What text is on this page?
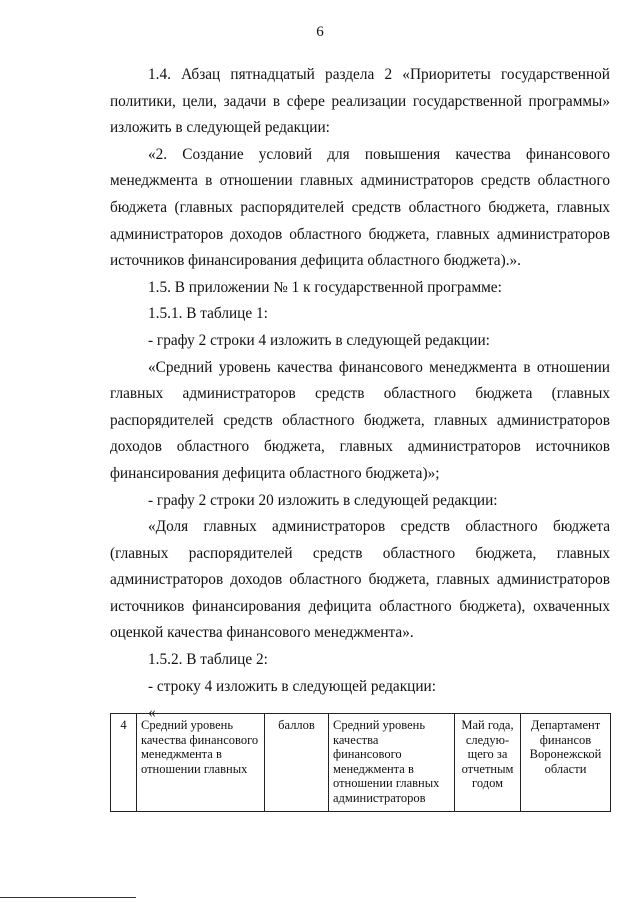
6

1.4. Абзац пятнадцатый раздела 2 «Приоритеты государственной политики, цели, задачи в сфере реализации государственной программы» изложить в следующей редакции:

«2. Создание условий для повышения качества финансового менеджмента в отношении главных администраторов средств областного бюджета (главных распорядителей средств областного бюджета, главных администраторов доходов областного бюджета, главных администраторов источников финансирования дефицита областного бюджета).».

1.5. В приложении № 1 к государственной программе:

1.5.1. В таблице 1:

- графу 2 строки 4 изложить в следующей редакции:

«Средний уровень качества финансового менеджмента в отношении главных администраторов средств областного бюджета (главных распорядителей средств областного бюджета, главных администраторов доходов областного бюджета, главных администраторов источников финансирования дефицита областного бюджета)»;

- графу 2 строки 20 изложить в следующей редакции:

«Доля главных администраторов средств областного бюджета (главных распорядителей средств областного бюджета, главных администраторов доходов областного бюджета, главных администраторов источников финансирования дефицита областного бюджета), охваченных оценкой качества финансового менеджмента».

1.5.2. В таблице 2:

- строку 4 изложить в следующей редакции:

«

4	Средний уровень качества финансового менеджмента в отношении главных	баллов	Средний уровень качества финансового менеджмента в отношении главных администраторов	Май года, следую-щего за отчетным годом	Департамент финансов Воронежской области
